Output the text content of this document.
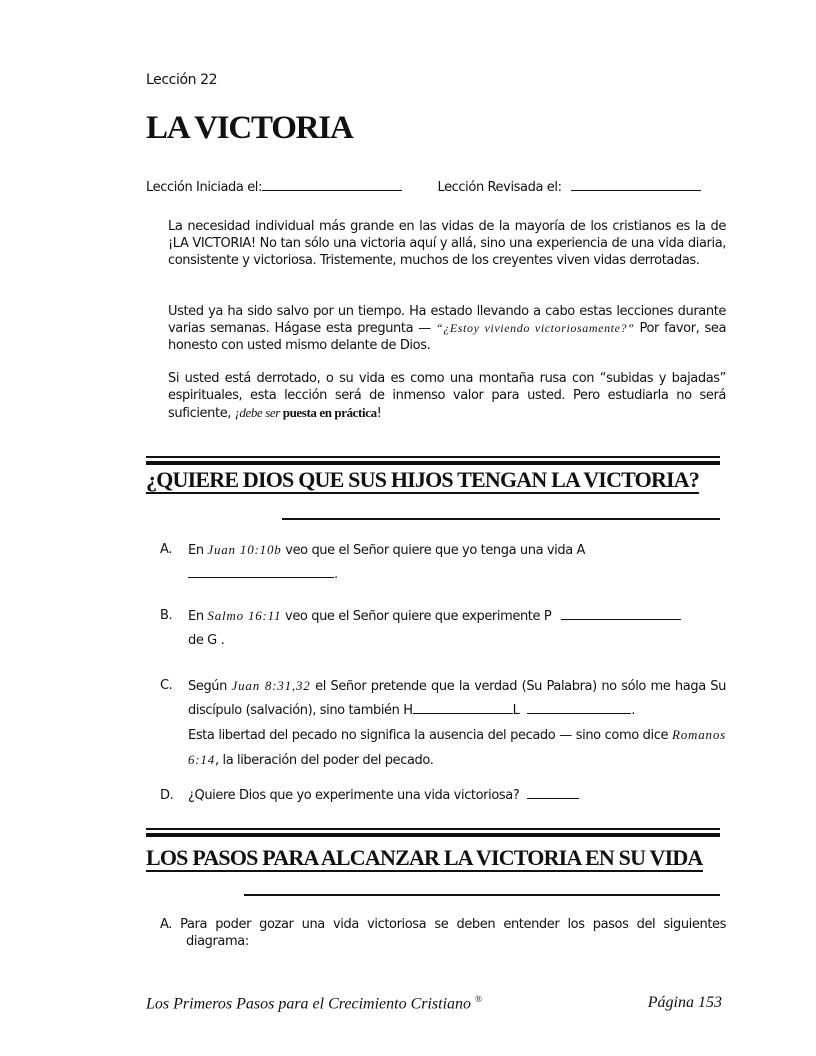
Lección 22
LA VICTORIA
Lección Iniciada el:	Lección Revisada el:
La necesidad individual más grande en las vidas de la mayoría de los cristianos es la de ¡LA VICTORIA! No tan sólo una victoria aquí y allá, sino una experiencia de una vida diaria, consistente y victoriosa. Tristemente, muchos de los creyentes viven vidas derrotadas.
Usted ya ha sido salvo por un tiempo. Ha estado llevando a cabo estas lecciones durante varias semanas. Hágase esta pregunta — “¿Estoy viviendo victoriosamente?” Por favor, sea honesto con usted mismo delante de Dios.
Si usted está derrotado, o su vida es como una montaña rusa con “subidas y bajadas” espirituales, esta lección será de inmenso valor para usted. Pero estudiarla no será suficiente, ¡debe ser puesta en práctica!
¿QUIERE DIOS QUE SUS HIJOS TENGAN LA VICTORIA?
A. En Juan 10:10b veo que el Señor quiere que yo tenga una vida A
.
B. En Salmo 16:11 veo que el Señor quiere que experimente P
de G .
C. Según Juan 8:31,32 el Señor pretende que la verdad (Su Palabra) no sólo me haga Su discípulo (salvación), sino también H	L	.
Esta libertad del pecado no significa la ausencia del pecado — sino como dice Romanos 6:14, la liberación del poder del pecado.
D. ¿Quiere Dios que yo experimente una vida victoriosa?
LOS PASOS PARA ALCANZAR LA VICTORIA EN SU VIDA
A. Para poder gozar una vida victoriosa se deben entender los pasos del siguientes diagrama:
Los Primeros Pasos para el Crecimiento Cristiano ®	Página 153
